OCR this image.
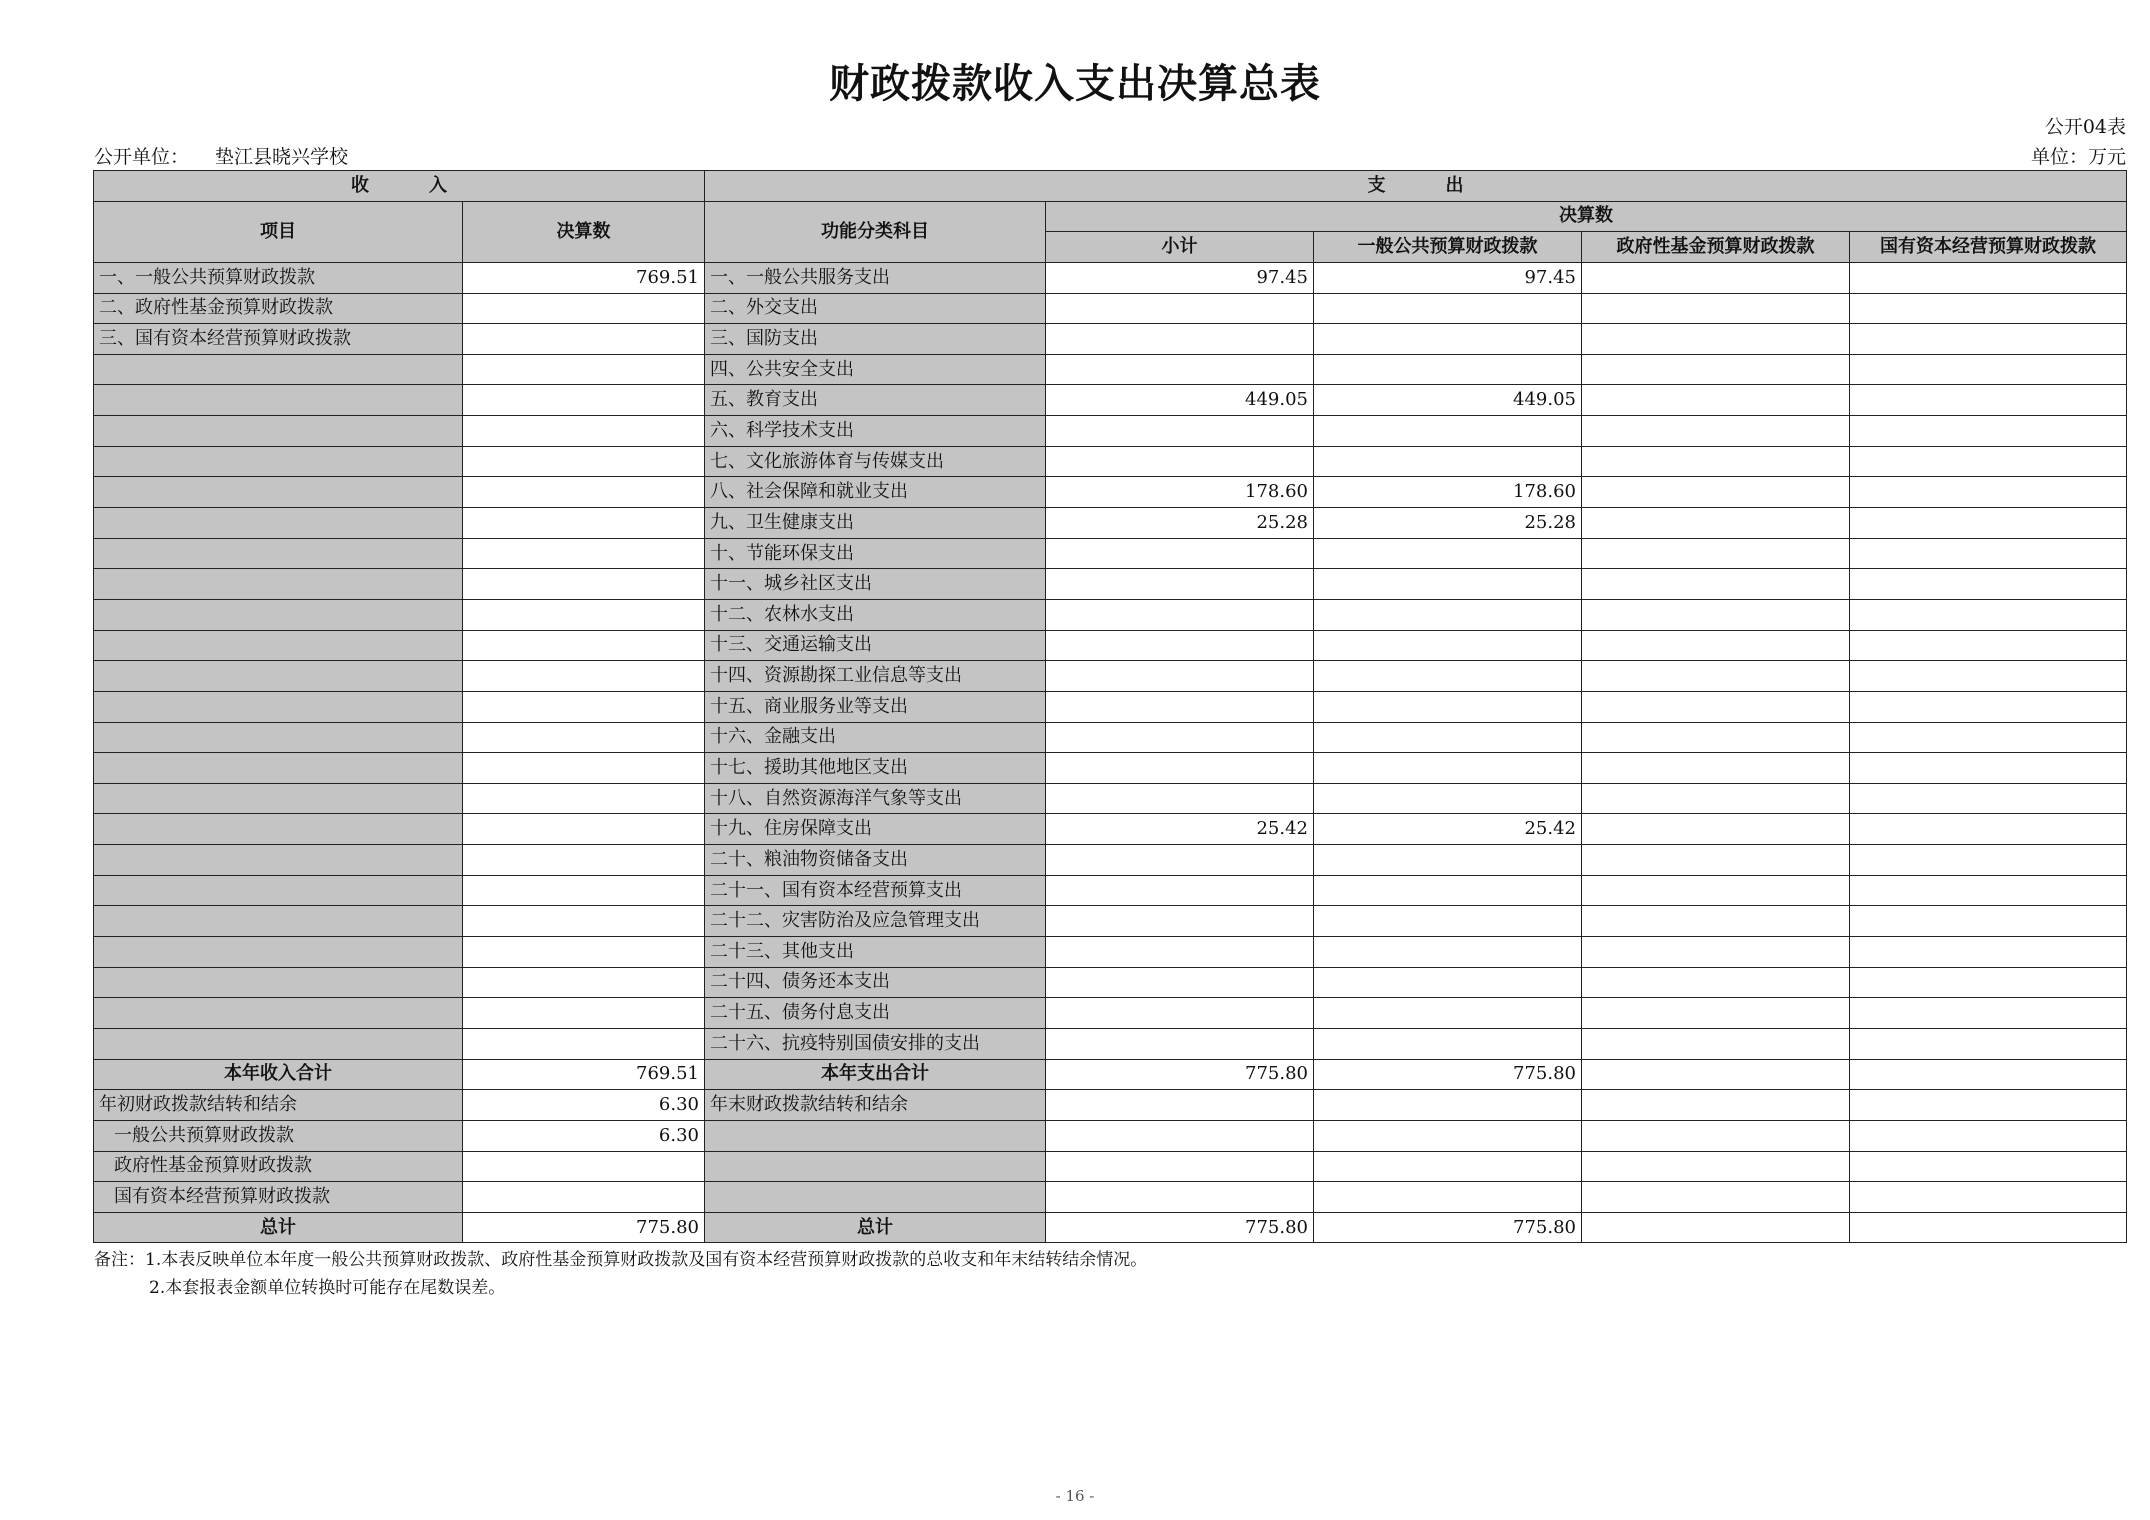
财政拨款收入支出决算总表
公开04表
公开单位： 垫江县晓兴学校	单位：万元
收 入		支 出				
项目	决算数	功能分类科目	决算数			
			小计	一般公共预算财政拨款	政府性基金预算财政拨款	国有资本经营预算财政拨款
一、一般公共预算财政拨款	769.51	一、一般公共服务支出	97.45	97.45		
二、政府性基金预算财政拨款		二、外交支出				
三、国有资本经营预算财政拨款		三、国防支出				
		四、公共安全支出				
		五、教育支出	449.05	449.05		
		六、科学技术支出				
		七、文化旅游体育与传媒支出				
		八、社会保障和就业支出	178.60	178.60		
		九、卫生健康支出	25.28	25.28		
		十、节能环保支出				
		十一、城乡社区支出				
		十二、农林水支出				
		十三、交通运输支出				
		十四、资源勘探工业信息等支出				
		十五、商业服务业等支出				
		十六、金融支出				
		十七、援助其他地区支出				
		十八、自然资源海洋气象等支出				
		十九、住房保障支出	25.42	25.42		
		二十、粮油物资储备支出				
		二十一、国有资本经营预算支出				
		二十二、灾害防治及应急管理支出				
		二十三、其他支出				
		二十四、债务还本支出				
		二十五、债务付息支出				
		二十六、抗疫特别国债安排的支出				
本年收入合计	769.51	本年支出合计	775.80	775.80		
年初财政拨款结转和结余	6.30	年末财政拨款结转和结余				
一般公共预算财政拨款	6.30					
政府性基金预算财政拨款						
国有资本经营预算财政拨款						
总计	775.80	总计	775.80	775.80		
备注：1.本表反映单位本年度一般公共预算财政拨款、政府性基金预算财政拨款及国有资本经营预算财政拨款的总收支和年末结转结余情况。
2.本套报表金额单位转换时可能存在尾数误差。
- 16 -
